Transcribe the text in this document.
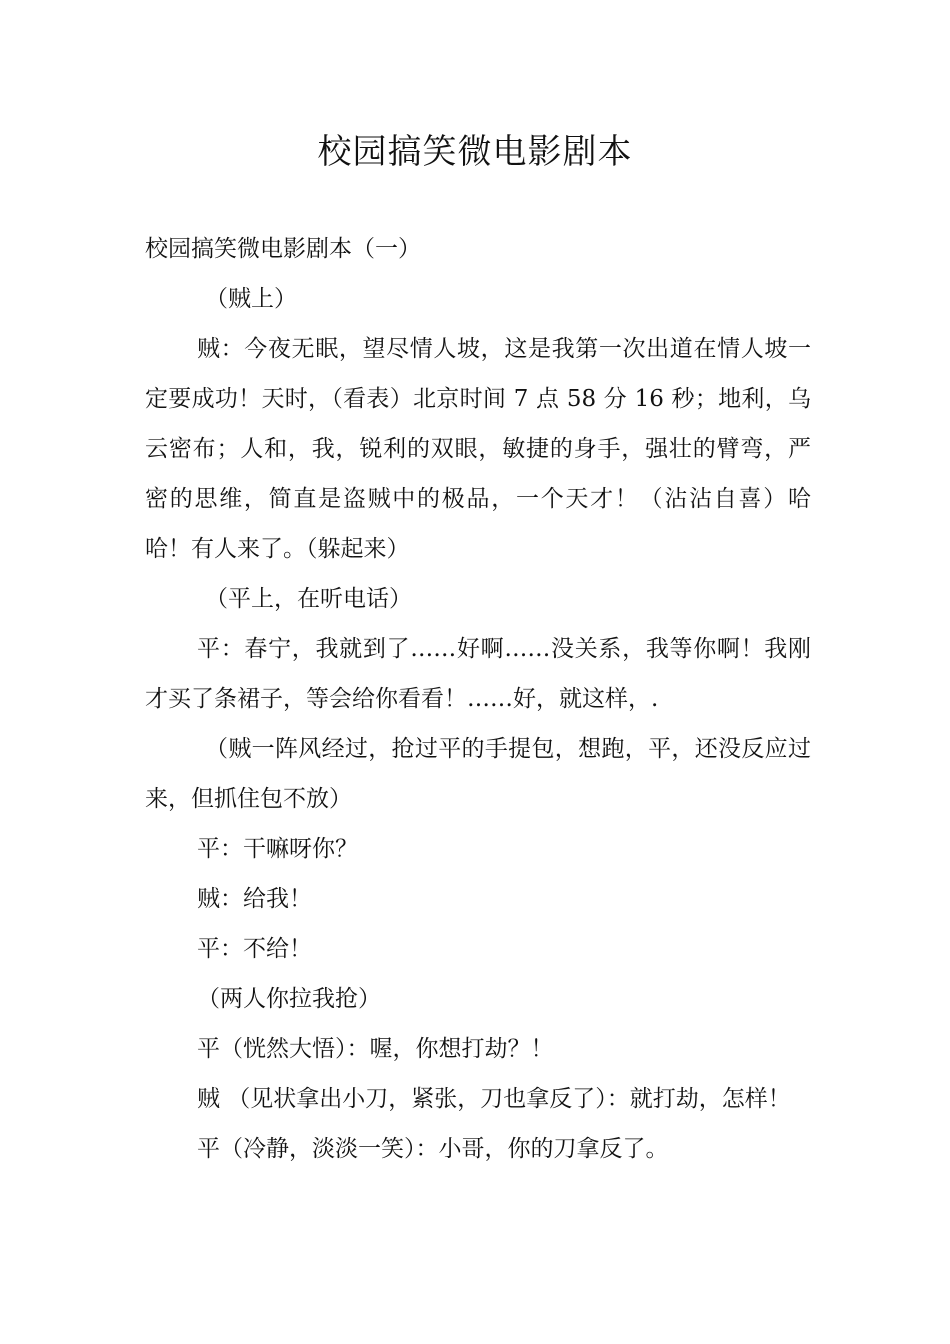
校园搞笑微电影剧本

校园搞笑微电影剧本（一）

（贼上）

贼：今夜无眠，望尽情人坡，这是我第一次出道在情人坡一定要成功！天时，（看表）北京时间 7 点 58 分 16 秒；地利，乌云密布；人和，我，锐利的双眼，敏捷的身手，强壮的臂弯，严密的思维，简直是盗贼中的极品，一个天才！（沾沾自喜）哈哈！有人来了。（躲起来）

（平上，在听电话）

平：春宁，我就到了……好啊……没关系，我等你啊！我刚才买了条裙子，等会给你看看！……好，就这样，.

（贼一阵风经过，抢过平的手提包，想跑，平，还没反应过来，但抓住包不放）

平：干嘛呀你？

贼：给我！

平：不给！

（两人你拉我抢）

平（恍然大悟）：喔，你想打劫？！

贼 （见状拿出小刀，紧张，刀也拿反了）：就打劫，怎样！

平（冷静，淡淡一笑）：小哥，你的刀拿反了。
